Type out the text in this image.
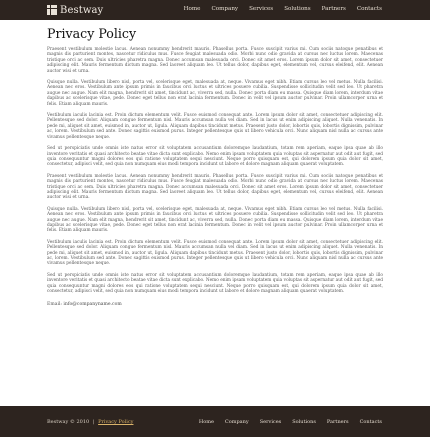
Bestway	Home Company Services Solutions Partners Contacts
Privacy Policy

Praesent vestibulum molestie lacus. Aenean nonummy hendrerit mauris. Phasellus porta. Fusce suscipit varius mi. Cum sociis natoque penatibus et magnis dis parturient montes, nascetur ridiculus mus. Fusce feugiat malesuada odio. Morbi nunc odio gravida at cursus nec luctus lorem. Maecenas tristique orci ac sem. Duis ultricies pharetra magna. Donec accumsan malesuada orci. Donec sit amet eros. Lorem ipsum dolor sit amet, consectetuer adipiscing elit. Mauris fermentum dictum magna. Sed laoreet aliquam leo. Ut tellus dolor, dapibus eget, elementum vel, cursus eleifend, elit. Aenean auctor wisi et urna.

Quisque nulla. Vestibulum libero nisl, porta vel, scelerisque eget, malesuada at, neque. Vivamus eget nibh. Etiam cursus leo vel metus. Nulla facilisi. Aenean nec eros. Vestibulum ante ipsum primis in faucibus orci luctus et ultrices posuere cubilia. Suspendisse sollicitudin velit sed leo. Ut pharetra augue nec augue. Nam elit magna, hendrerit sit amet, tincidunt ac, viverra sed, nulla. Donec porta diam eu massa. Quisque diam lorem, interdum vitae dapibus ac scelerisque vitae, pede. Donec eget tellus non erat lacinia fermentum. Donec in velit vel ipsum auctor pulvinar. Proin ullamcorper urna et felis. Etiam aliquam mauris.

Vestibulum iaculis lacinia est. Proin dictum elementum velit. Fusce euismod consequat ante. Lorem ipsum dolor sit amet, consectetuer adipiscing elit. Pellentesque sed dolor. Aliquam congue fermentum nisl. Mauris accumsan nulla vel diam. Sed in lacus ut enim adipiscing aliquet. Nulla venenatis. In pede mi, aliquet sit amet, euismod in, auctor ut, ligula. Aliquam dapibus tincidunt metus. Praesent justo dolor, lobortis quis, lobortis dignissim, pulvinar ac, lorem. Vestibulum sed ante. Donec sagittis euismod purus. Integer pellentesque quis ut libero vehicula orci. Nunc aliquam nisl nulla ac cursus ante vivamus pellentesque neque.

Sed ut perspiciatis unde omnis iste natus error sit voluptatem accusantium doloremque laudantium, totam rem aperiam, eaque ipsa quae ab illo inventore veritatis et quasi architecto beatae vitae dicta sunt explicabo. Nemo enim ipsam voluptatem quia voluptas sit aspernatur aut odit aut fugit, sed quia consequuntur magni dolores eos qui ratione voluptatem sequi nesciunt. Neque porro quisquam est, qui dolorem ipsum quia dolor sit amet, consectetur, adipisci velit, sed quia non numquam eius modi tempora incidunt ut labore et dolore magnam aliquam quaerat voluptatem.

Praesent vestibulum molestie lacus. Aenean nonummy hendrerit mauris. Phasellus porta. Fusce suscipit varius mi. Cum sociis natoque penatibus et magnis dis parturient montes, nascetur ridiculus mus. Fusce feugiat malesuada odio. Morbi nunc odio gravida at cursus nec luctus lorem. Maecenas tristique orci ac sem. Duis ultricies pharetra magna. Donec accumsan malesuada orci. Donec sit amet eros. Lorem ipsum dolor sit amet, consectetuer adipiscing elit. Mauris fermentum dictum magna. Sed laoreet aliquam leo. Ut tellus dolor, dapibus eget, elementum vel, cursus eleifend, elit. Aenean auctor wisi et urna.

Quisque nulla. Vestibulum libero nisl, porta vel, scelerisque eget, malesuada at, neque. Vivamus eget nibh. Etiam cursus leo vel metus. Nulla facilisi. Aenean nec eros. Vestibulum ante ipsum primis in faucibus orci luctus et ultrices posuere cubilia. Suspendisse sollicitudin velit sed leo. Ut pharetra augue nec augue. Nam elit magna, hendrerit sit amet, tincidunt ac, viverra sed, nulla. Donec porta diam eu massa. Quisque diam lorem, interdum vitae dapibus ac scelerisque vitae, pede. Donec eget tellus non erat lacinia fermentum. Donec in velit vel ipsum auctor pulvinar. Proin ullamcorper urna et felis. Etiam aliquam mauris.

Vestibulum iaculis lacinia est. Proin dictum elementum velit. Fusce euismod consequat ante. Lorem ipsum dolor sit amet, consectetuer adipiscing elit. Pellentesque sed dolor. Aliquam congue fermentum nisl. Mauris accumsan nulla vel diam. Sed in lacus ut enim adipiscing aliquet. Nulla venenatis. In pede mi, aliquet sit amet, euismod in, auctor ut, ligula. Aliquam dapibus tincidunt metus. Praesent justo dolor, lobortis quis, lobortis dignissim, pulvinar ac, lorem. Vestibulum sed ante. Donec sagittis euismod purus. Integer pellentesque quis ut libero vehicula orci. Nunc aliquam nisl nulla ac cursus ante vivamus pellentesque neque.

Sed ut perspiciatis unde omnis iste natus error sit voluptatem accusantium doloremque laudantium, totam rem aperiam, eaque ipsa quae ab illo inventore veritatis et quasi architecto beatae vitae dicta sunt explicabo. Nemo enim ipsam voluptatem quia voluptas sit aspernatur aut odit aut fugit, sed quia consequuntur magni dolores eos qui ratione voluptatem sequi nesciunt. Neque porro quisquam est, qui dolorem ipsum quia dolor sit amet, consectetur, adipisci velit, sed quia non numquam eius modi tempora incidunt ut labore et dolore magnam aliquam quaerat voluptatem.

Email: info@companyname.com
Bestway © 2010 | Privacy Policy	Home Company Services Solutions Partners Contacts
